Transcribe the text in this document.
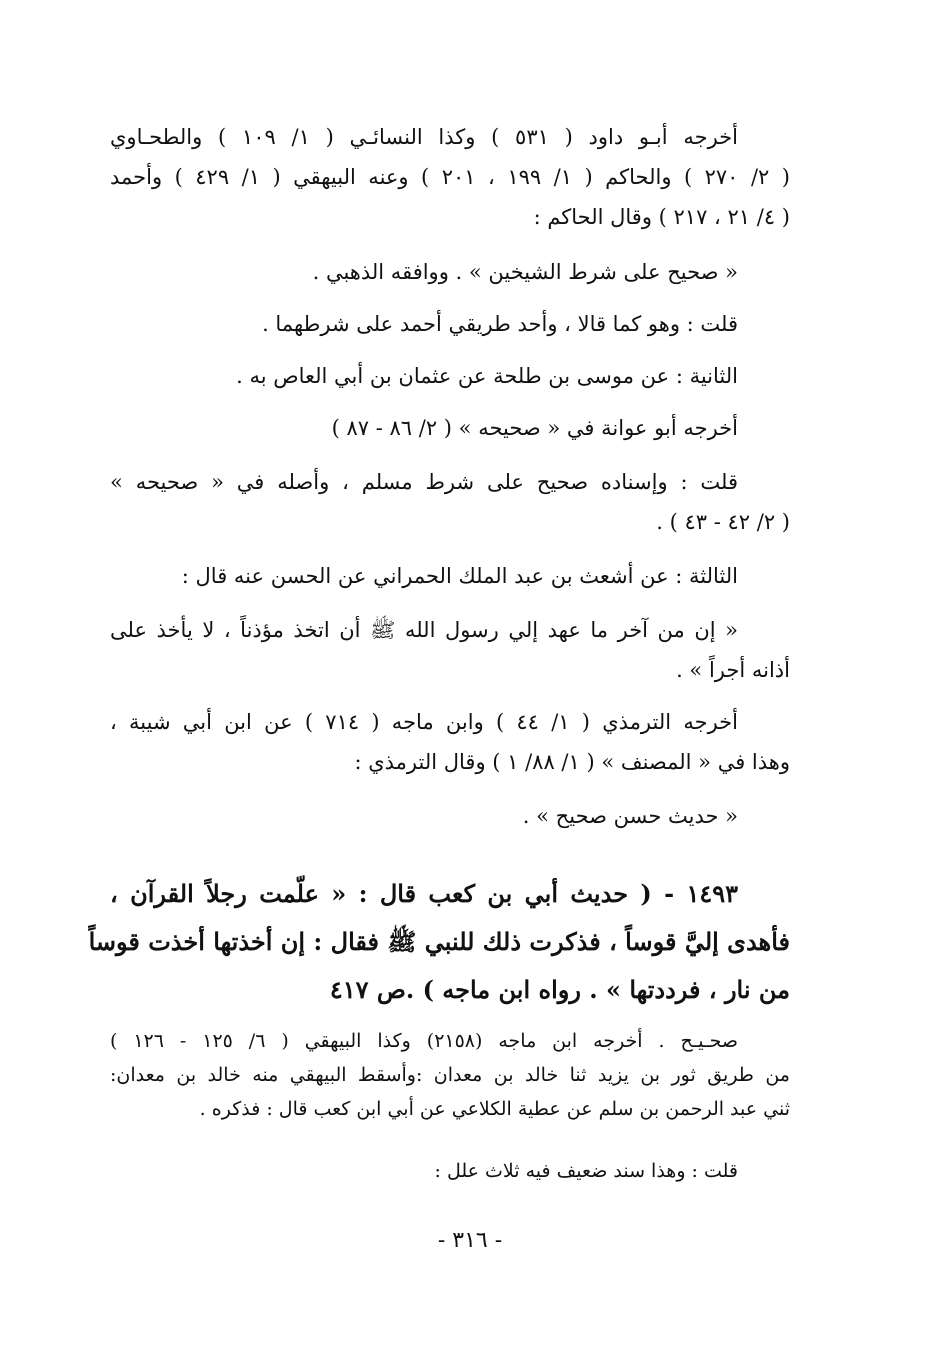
أخرجه أبـو داود ( ٥٣١ ) وكذا النسائـي ( ١/ ١٠٩ ) والطحـاوي

( ٢/ ٢٧٠ ) والحاكم ( ١/ ١٩٩ ، ٢٠١ ) وعنه البيهقي ( ١/ ٤٢٩ ) وأحمد

( ٤/ ٢١ ، ٢١٧ ) وقال الحاكم :

« صحيح على شرط الشيخين » . ووافقه الذهبي .

قلت : وهو كما قالا ، وأحد طريقي أحمد على شرطهما .

الثانية : عن موسى بن طلحة عن عثمان بن أبي العاص به .

أخرجه أبو عوانة في « صحيحه » ( ٢/ ٨٦ - ٨٧ )

قلت : وإسناده صحيح على شرط مسلم ، وأصله في « صحيحه »

( ٢/ ٤٢ - ٤٣ ) .

الثالثة : عن أشعث بن عبد الملك الحمراني عن الحسن عنه قال :

« إن من آخر ما عهد إلي رسول الله ﷺ أن اتخذ مؤذناً ، لا يأخذ على

أذانه أجراً » .

أخرجه الترمذي ( ١/ ٤٤ ) وابن ماجه ( ٧١٤ ) عن ابن أبي شيبة ،

وهذا في « المصنف » ( ١/ ٨٨/ ١ ) وقال الترمذي :

« حديث حسن صحيح » .

١٤٩٣ - ( حديث أبي بن كعب قال : « علّمت رجلاً القرآن ،

فأهدى إليَّ قوساً ، فذكرت ذلك للنبي ﷺ فقال : إن أخذتها أخذت قوساً

من نار ، فرددتها » . رواه ابن ماجه ) .ص ٤١٧

صحـيـح . أخرجه ابن ماجه (٢١٥٨) وكذا البيهقي ( ٦/ ١٢٥ - ١٢٦ )

من طريق ثور بن يزيد ثنا خالد بن معدان :وأسقط البيهقي منه خالد بن معدان:

ثني عبد الرحمن بن سلم عن عطية الكلاعي عن أبي ابن كعب قال : فذكره .

قلت : وهذا سند ضعيف فيه ثلاث علل :

- ٣١٦ -
